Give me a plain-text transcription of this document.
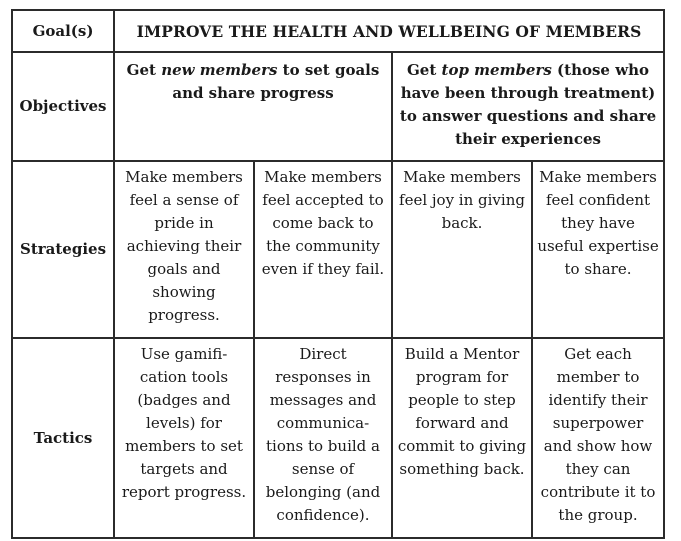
Goal(s)	IMPROVE THE HEALTH AND WELLBEING OF MEMBERS			
Objectives	Get new members to set goals and share progress		Get top members (those who have been through treatment) to answer questions and share their experiences	
Strategies	Make members feel a sense of pride in achieving their goals and showing progress.	Make members feel accepted to come back to the community even if they fail.	Make members feel joy in giving back.	Make members feel confident they have useful expertise to share.
Tactics	Use gamifi-cation tools (badges and levels) for members to set targets and report progress.	Direct responses in messages and communica-tions to build a sense of belonging (and confidence).	Build a Mentor program for people to step forward and commit to giving something back.	Get each member to identify their superpower and show how they can contribute it to the group.
